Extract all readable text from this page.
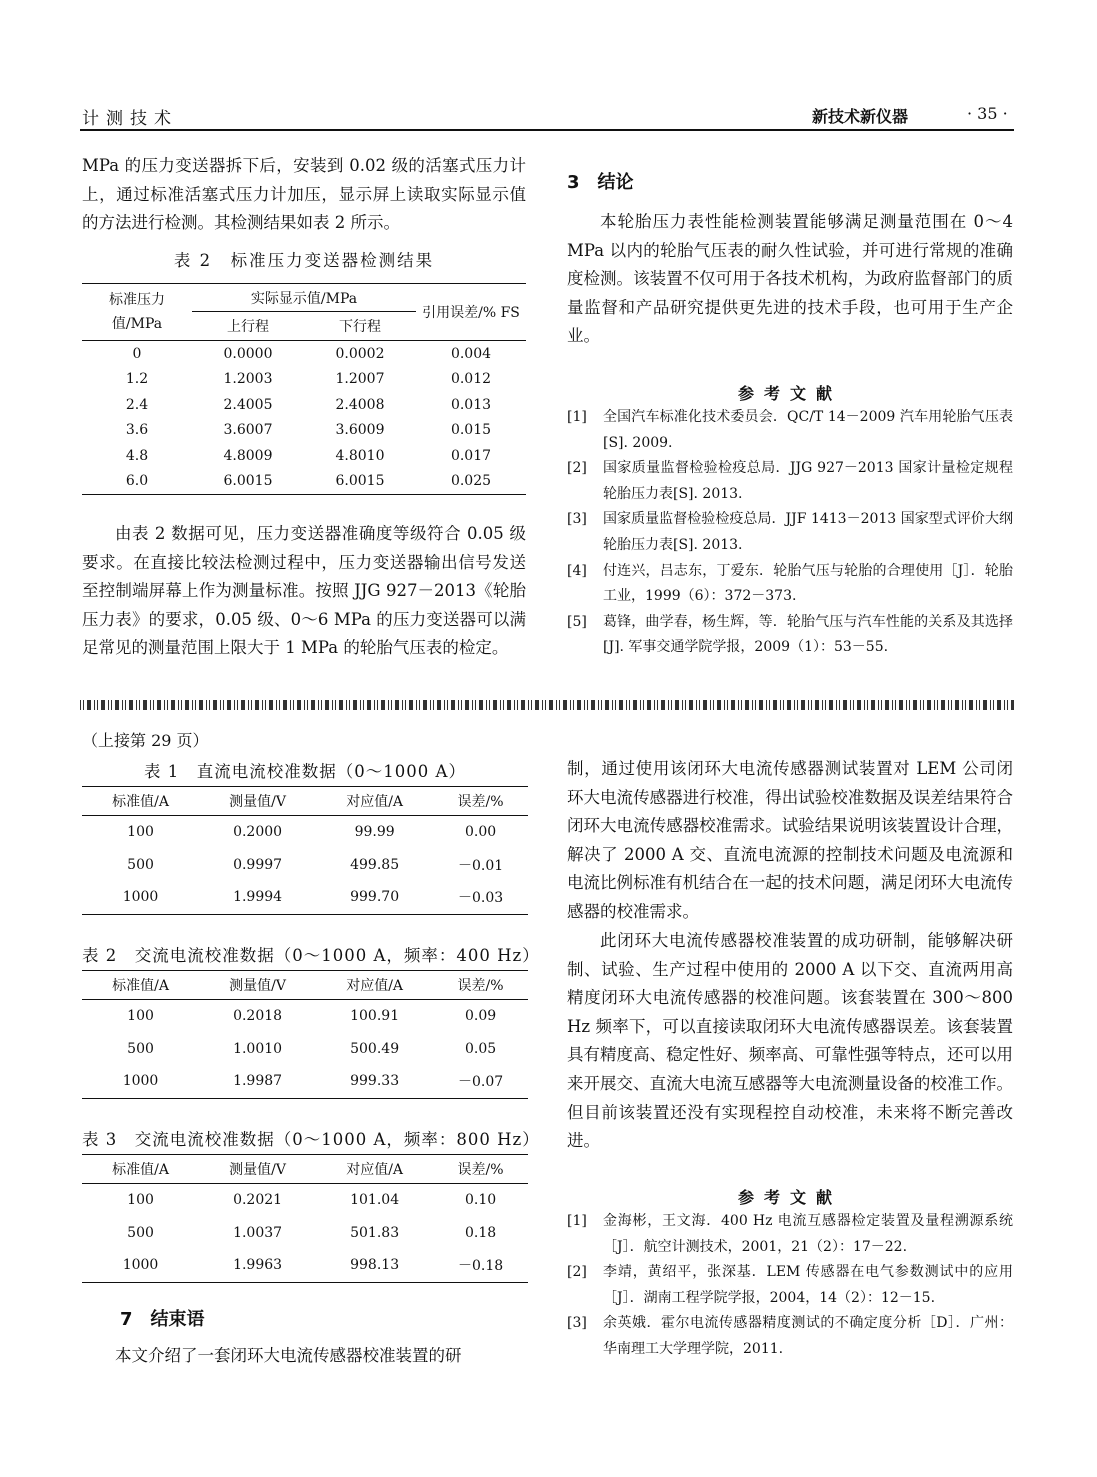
计测技术	新技术新仪器	· 35 ·

MPa 的压力变送器拆下后，安装到 0.02 级的活塞式压力计上，通过标准活塞式压力计加压，显示屏上读取实际显示值的方法进行检测。其检测结果如表 2 所示。

表 2　标准压力变送器检测结果
标准压力
值/MPa	实际显示值/MPa		引用误差/% FS
	上行程	下行程	
0	0.0000	0.0002	0.004
1.2	1.2003	1.2007	0.012
2.4	2.4005	2.4008	0.013
3.6	3.6007	3.6009	0.015
4.8	4.8009	4.8010	0.017
6.0	6.0015	6.0015	0.025

由表 2 数据可见，压力变送器准确度等级符合 0.05 级要求。在直接比较法检测过程中，压力变送器输出信号发送至控制端屏幕上作为测量标准。按照 JJG 927－2013《轮胎压力表》的要求，0.05 级、0～6 MPa 的压力变送器可以满足常见的测量范围上限大于 1 MPa 的轮胎气压表的检定。

3　结论

本轮胎压力表性能检测装置能够满足测量范围在 0～4 MPa 以内的轮胎气压表的耐久性试验，并可进行常规的准确度检测。该装置不仅可用于各技术机构，为政府监督部门的质量监督和产品研究提供更先进的技术手段，也可用于生产企业。

参考文献
[1]	全国汽车标准化技术委员会．QC/T 14－2009 汽车用轮胎气压表[S]. 2009.
[2]	国家质量监督检验检疫总局．JJG 927－2013 国家计量检定规程轮胎压力表[S]. 2013.
[3]	国家质量监督检验检疫总局．JJF 1413－2013 国家型式评价大纲轮胎压力表[S]. 2013.
[4]	付连兴，吕志东，丁爱东．轮胎气压与轮胎的合理使用［J］．轮胎工业，1999（6）：372－373.
[5]	葛锋，曲学春，杨生辉，等．轮胎气压与汽车性能的关系及其选择[J]. 军事交通学院学报，2009（1）：53－55.
（上接第 29 页）
表 1　直流电流校准数据（0～1000 A）
标准值/A	测量值/V	对应值/A	误差/%
100	0.2000	99.99	0.00
500	0.9997	499.85	－0.01
1000	1.9994	999.70	－0.03
表 2　交流电流校准数据（0～1000 A，频率：400 Hz）
标准值/A	测量值/V	对应值/A	误差/%
100	0.2018	100.91	0.09
500	1.0010	500.49	0.05
1000	1.9987	999.33	－0.07
表 3　交流电流校准数据（0～1000 A，频率：800 Hz）
标准值/A	测量值/V	对应值/A	误差/%
100	0.2021	101.04	0.10
500	1.0037	501.83	0.18
1000	1.9963	998.13	－0.18
7　结束语

本文介绍了一套闭环大电流传感器校准装置的研

制，通过使用该闭环大电流传感器测试装置对 LEM 公司闭环大电流传感器进行校准，得出试验校准数据及误差结果符合闭环大电流传感器校准需求。试验结果说明该装置设计合理，解决了 2000 A 交、直流电流源的控制技术问题及电流源和电流比例标准有机结合在一起的技术问题，满足闭环大电流传感器的校准需求。

此闭环大电流传感器校准装置的成功研制，能够解决研制、试验、生产过程中使用的 2000 A 以下交、直流两用高精度闭环大电流传感器的校准问题。该套装置在 300～800 Hz 频率下，可以直接读取闭环大电流传感器误差。该套装置具有精度高、稳定性好、频率高、可靠性强等特点，还可以用来开展交、直流大电流互感器等大电流测量设备的校准工作。但目前该装置还没有实现程控自动校准，未来将不断完善改进。

参考文献
[1]	金海彬，王文海．400 Hz 电流互感器检定装置及量程溯源系统［J］．航空计测技术，2001，21（2）：17－22.
[2]	李靖，黄绍平，张深基．LEM 传感器在电气参数测试中的应用［J］．湖南工程学院学报，2004，14（2）：12－15.
[3]	余英娥．霍尔电流传感器精度测试的不确定度分析［D］．广州：华南理工大学理学院，2011.
